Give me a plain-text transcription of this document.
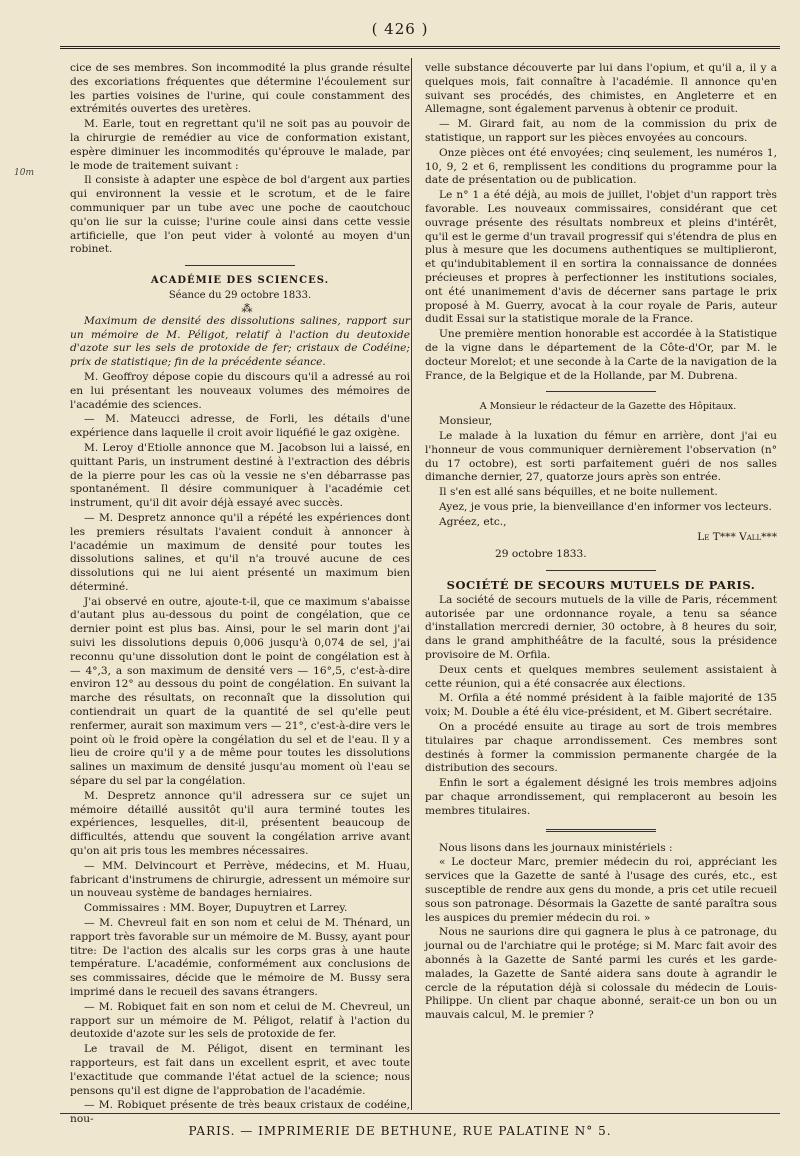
( 426 )
10m

cice de ses membres. Son incommodité la plus grande résulte des excoriations fréquentes que détermine l'écoulement sur les parties voisines de l'urine, qui coule constamment des extrémités ouvertes des uretères.

M. Earle, tout en regrettant qu'il ne soit pas au pouvoir de la chirurgie de remédier au vice de conformation existant, espère diminuer les incommodités qu'éprouve le malade, par le mode de traitement suivant :

Il consiste à adapter une espèce de bol d'argent aux parties qui environnent la vessie et le scrotum, et de le faire communiquer par un tube avec une poche de caoutchouc qu'on lie sur la cuisse; l'urine coule ainsi dans cette vessie artificielle, que l'on peut vider à volonté au moyen d'un robinet.

ACADÉMIE DES SCIENCES.

Séance du 29 octobre 1833.

⁂

Maximum de densité des dissolutions salines, rapport sur un mémoire de M. Péligot, relatif à l'action du deutoxide d'azote sur les sels de protoxide de fer; cristaux de Codéine; prix de statistique; fin de la précédente séance.

M. Geoffroy dépose copie du discours qu'il a adressé au roi en lui présentant les nouveaux volumes des mémoires de l'académie des sciences.

— M. Mateucci adresse, de Forli, les détails d'une expérience dans laquelle il croit avoir liquéfié le gaz oxigène.

M. Leroy d'Etiolle annonce que M. Jacobson lui a laissé, en quittant Paris, un instrument destiné à l'extraction des débris de la pierre pour les cas où la vessie ne s'en débarrasse pas spontanément. Il désire communiquer à l'académie cet instrument, qu'il dit avoir déjà essayé avec succès.

— M. Despretz annonce qu'il a répété les expériences dont les premiers résultats l'avaient conduit à annoncer à l'académie un maximum de densité pour toutes les dissolutions salines, et qu'il n'a trouvé aucune de ces dissolutions qui ne lui aient présenté un maximum bien déterminé.

J'ai observé en outre, ajoute-t-il, que ce maximum s'abaisse d'autant plus au-dessous du point de congélation, que ce dernier point est plus bas. Ainsi, pour le sel marin dont j'ai suivi les dissolutions depuis 0,006 jusqu'à 0,074 de sel, j'ai reconnu qu'une dissolution dont le point de congélation est à — 4°,3, a son maximum de densité vers — 16°,5, c'est-à-dire environ 12° au dessous du point de congélation. En suivant la marche des résultats, on reconnaît que la dissolution qui contiendrait un quart de la quantité de sel qu'elle peut renfermer, aurait son maximum vers — 21°, c'est-à-dire vers le point où le froid opère la congélation du sel et de l'eau. Il y a lieu de croire qu'il y a de même pour toutes les dissolutions salines un maximum de densité jusqu'au moment où l'eau se sépare du sel par la congélation.

M. Despretz annonce qu'il adressera sur ce sujet un mémoire détaillé aussitôt qu'il aura terminé toutes les expériences, lesquelles, dit-il, présentent beaucoup de difficultés, attendu que souvent la congélation arrive avant qu'on ait pris tous les membres nécessaires.

— MM. Delvincourt et Perrève, médecins, et M. Huau, fabricant d'instrumens de chirurgie, adressent un mémoire sur un nouveau système de bandages herniaires.

Commissaires : MM. Boyer, Dupuytren et Larrey.

— M. Chevreul fait en son nom et celui de M. Thénard, un rapport très favorable sur un mémoire de M. Bussy, ayant pour titre: De l'action des alcalis sur les corps gras à une haute température. L'académie, conformément aux conclusions de ses commissaires, décide que le mémoire de M. Bussy sera imprimé dans le recueil des savans étrangers.

— M. Robiquet fait en son nom et celui de M. Chevreul, un rapport sur un mémoire de M. Péligot, relatif à l'action du deutoxide d'azote sur les sels de protoxide de fer.

Le travail de M. Péligot, disent en terminant les rapporteurs, est fait dans un excellent esprit, et avec toute l'exactitude que commande l'état actuel de la science; nous pensons qu'il est digne de l'approbation de l'académie.

— M. Robiquet présente de très beaux cristaux de codéine, nou-

velle substance découverte par lui dans l'opium, et qu'il a, il y a quelques mois, fait connaître à l'académie. Il annonce qu'en suivant ses procédés, des chimistes, en Angleterre et en Allemagne, sont également parvenus à obtenir ce produit.

— M. Girard fait, au nom de la commission du prix de statistique, un rapport sur les pièces envoyées au concours.

Onze pièces ont été envoyées; cinq seulement, les numéros 1, 10, 9, 2 et 6, remplissent les conditions du programme pour la date de présentation ou de publication.

Le n° 1 a été déjà, au mois de juillet, l'objet d'un rapport très favorable. Les nouveaux commissaires, considérant que cet ouvrage présente des résultats nombreux et pleins d'intérêt, qu'il est le germe d'un travail progressif qui s'étendra de plus en plus à mesure que les documens authentiques se multiplieront, et qu'indubitablement il en sortira la connaissance de données précieuses et propres à perfectionner les institutions sociales, ont été unanimement d'avis de décerner sans partage le prix proposé à M. Guerry, avocat à la cour royale de Paris, auteur dudit Essai sur la statistique morale de la France.

Une première mention honorable est accordée à la Statistique de la vigne dans le département de la Côte-d'Or, par M. le docteur Morelot; et une seconde à la Carte de la navigation de la France, de la Belgique et de la Hollande, par M. Dubrena.

A Monsieur le rédacteur de la Gazette des Hôpitaux.

Monsieur,

Le malade à la luxation du fémur en arrière, dont j'ai eu l'honneur de vous communiquer dernièrement l'observation (n° du 17 octobre), est sorti parfaitement guéri de nos salles dimanche dernier, 27, quatorze jours après son entrée.

Il s'en est allé sans béquilles, et ne boite nullement.

Ayez, je vous prie, la bienveillance d'en informer vos lecteurs.

Agréez, etc.,

Le T*** Vall***

29 octobre 1833.

SOCIÉTÉ DE SECOURS MUTUELS DE PARIS.

La société de secours mutuels de la ville de Paris, récemment autorisée par une ordonnance royale, a tenu sa séance d'installation mercredi dernier, 30 octobre, à 8 heures du soir, dans le grand amphithéâtre de la faculté, sous la présidence provisoire de M. Orfila.

Deux cents et quelques membres seulement assistaient à cette réunion, qui a été consacrée aux élections.

M. Orfila a été nommé président à la faible majorité de 135 voix; M. Double a été élu vice-président, et M. Gibert secrétaire.

On a procédé ensuite au tirage au sort de trois membres titulaires par chaque arrondissement. Ces membres sont destinés à former la commission permanente chargée de la distribution des secours.

Enfin le sort a également désigné les trois membres adjoins par chaque arrondissement, qui remplaceront au besoin les membres titulaires.

Nous lisons dans les journaux ministériels :

« Le docteur Marc, premier médecin du roi, appréciant les services que la Gazette de santé à l'usage des curés, etc., est susceptible de rendre aux gens du monde, a pris cet utile recueil sous son patronage. Désormais la Gazette de santé paraîtra sous les auspices du premier médecin du roi. »

Nous ne saurions dire qui gagnera le plus à ce patronage, du journal ou de l'archiatre qui le protége; si M. Marc fait avoir des abonnés à la Gazette de Santé parmi les curés et les garde-malades, la Gazette de Santé aidera sans doute à agrandir le cercle de la réputation déjà si colossale du médecin de Louis-Philippe. Un client par chaque abonné, serait-ce un bon ou un mauvais calcul, M. le premier ?

PARIS. — IMPRIMERIE DE BETHUNE, RUE PALATINE N° 5.
